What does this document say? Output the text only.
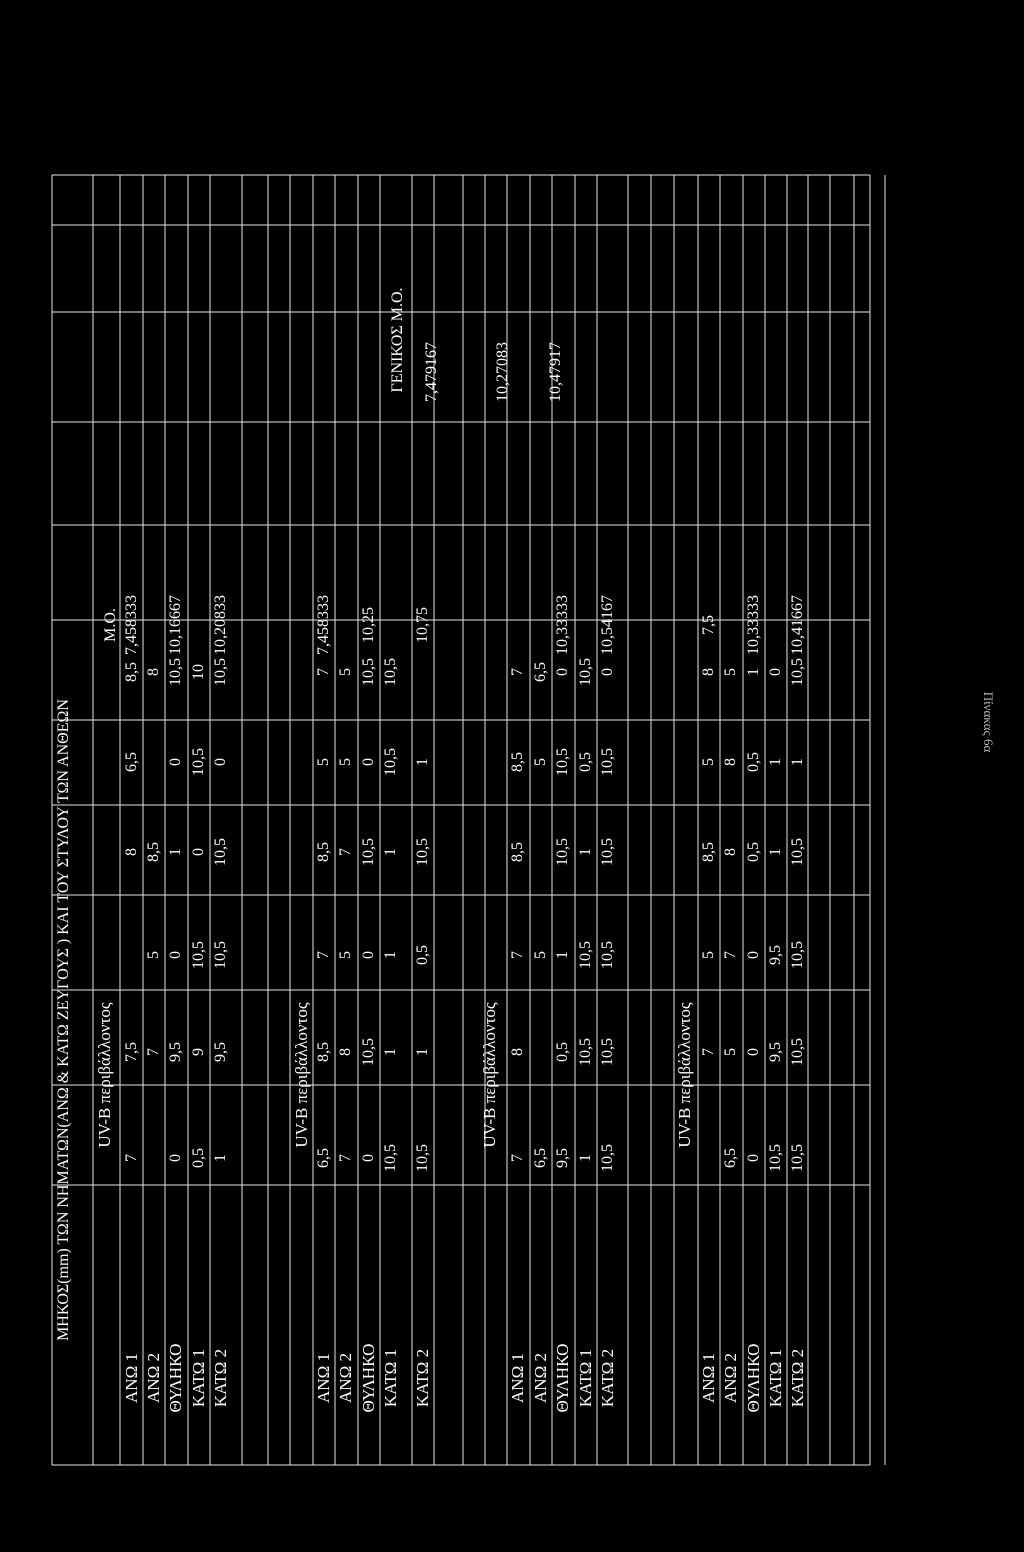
Πίνακας 6α
ΜΗΚΟΣ(mm) ΤΩΝ ΝΗΜΑΤΩΝ(ΑΝΩ & ΚΑΤΩ ΖΕΥΓΟΥΣ ) ΚΑΙ ΤΟΥ ΣΤΥΛΟΥ ΤΩΝ ΑΝΘΕΩΝ UV-B περιβάλλοντος
Μ.Ο.
ΑΝΩ 1
7
7,5
8
6,5
8,5
7,458333
ΑΝΩ 2
7
5
8,5
8
ΘΥΛΗΚΟ
0
9,5
0
1
0
10,5
10,16667
ΚΑΤΩ 1
0,5
9
10,5
0
10,5
10
ΚΑΤΩ 2
1
9,5
10,5
10,5
0
10,5
10,20833
UV-B περιβάλλοντος
ΑΝΩ 1
6,5
8,5
7
8,5
5
7
7,458333
ΑΝΩ 2
7
8
5
7
5
5
ΘΥΛΗΚΟ
0
10,5
0
10,5
0
10,5
10,25
ΚΑΤΩ 1
10,5
1
1
1
10,5
10,5
ΚΑΤΩ 2
10,5
1
0,5
10,5
1
10,75
UV-B περιβάλλοντος
ΑΝΩ 1
7
8
7
8,5
8,5
7
ΑΝΩ 2
6,5
5
5
6,5
ΘΥΛΗΚΟ
9,5
0,5
1
10,5
10,5
0
10,33333
ΚΑΤΩ 1
1
10,5
10,5
1
0,5
10,5
ΚΑΤΩ 2
10,5
10,5
10,5
10,5
10,5
0
10,54167
UV-B περιβάλλοντος
ΑΝΩ 1
7
5
8,5
5
8
7,5
ΑΝΩ 2
6,5
5
7
8
8
5
ΘΥΛΗΚΟ
0
0
0
0,5
0,5
1
10,33333
ΚΑΤΩ 1
10,5
9,5
9,5
1
1
0
ΚΑΤΩ 2
10,5
10,5
10,5
10,5
1
10,5
10,41667
ΓΕΝΙΚΟΣ Μ.Ο. 7,479167	10,27083 10,47917
